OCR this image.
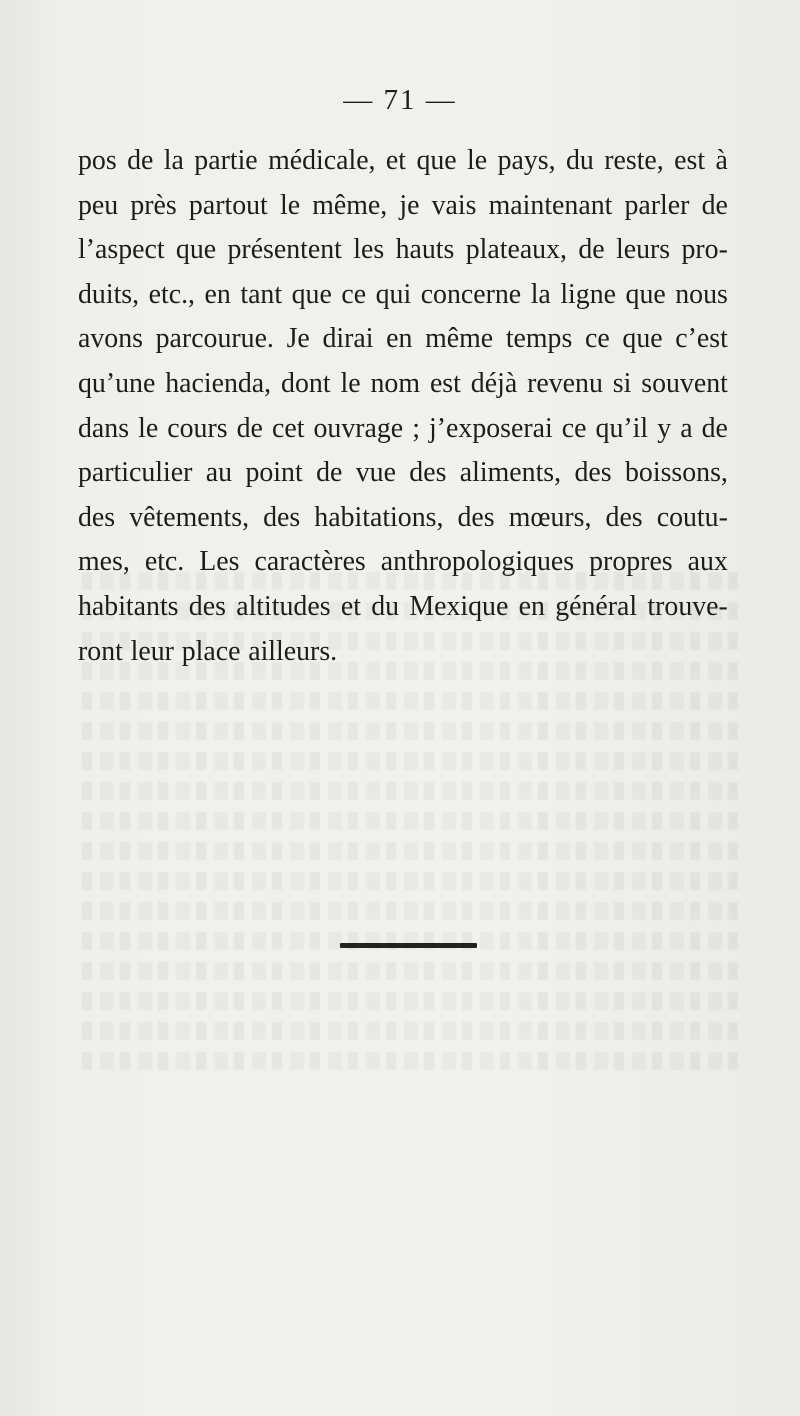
— 71 —
pos de la partie médicale, et que le pays, du reste, est à
peu près partout le même, je vais maintenant parler de
l’aspect que présentent les hauts plateaux, de leurs pro-
duits, etc., en tant que ce qui concerne la ligne que nous
avons parcourue. Je dirai en même temps ce que c’est
qu’une hacienda, dont le nom est déjà revenu si souvent
dans le cours de cet ouvrage ; j’exposerai ce qu’il y a de
particulier au point de vue des aliments, des boissons,
des vêtements, des habitations, des mœurs, des coutu-
mes, etc. Les caractères anthropologiques propres aux
habitants des altitudes et du Mexique en général trouve-
ront leur place ailleurs.
